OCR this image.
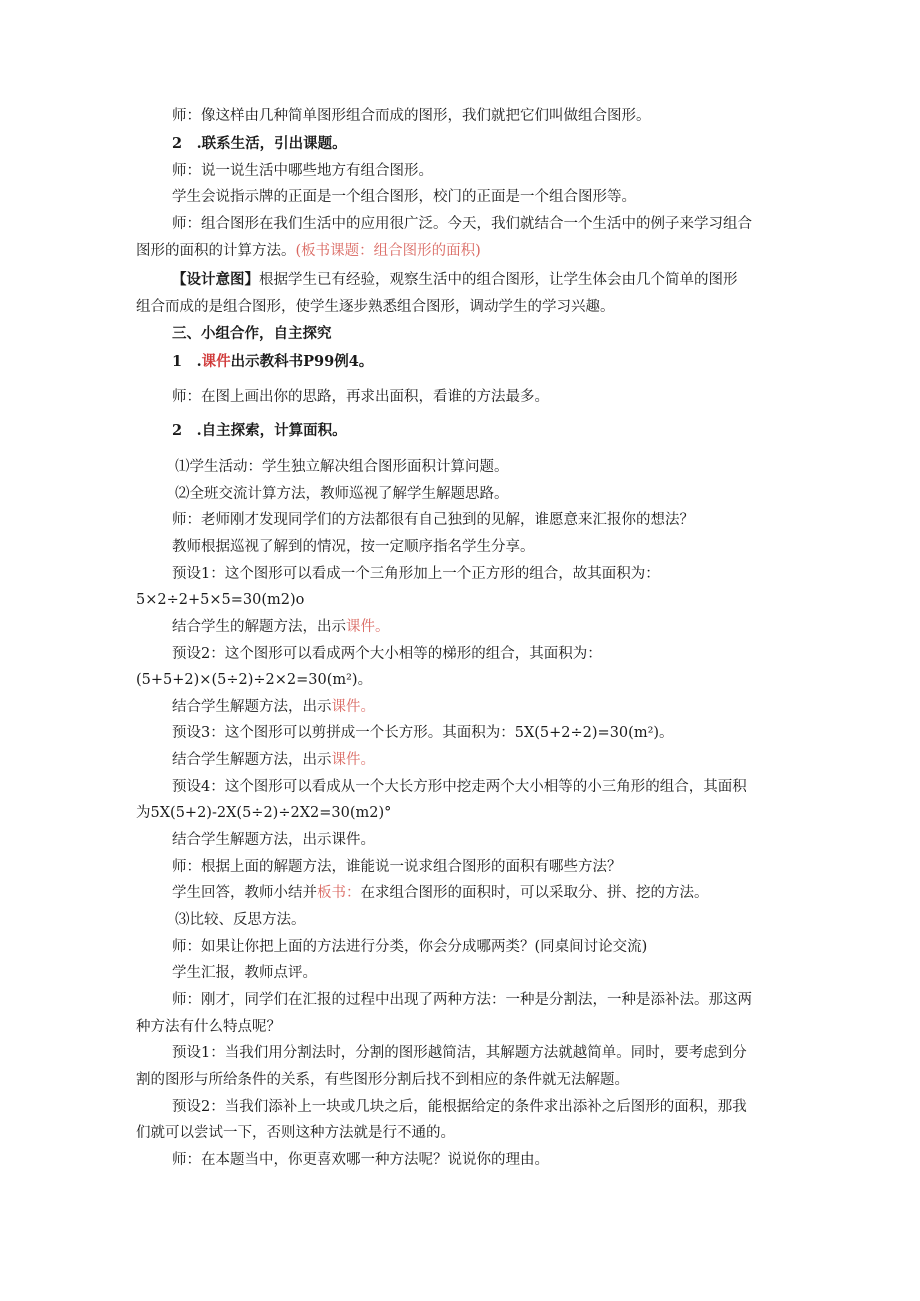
师：像这样由几种简单图形组合而成的图形，我们就把它们叫做组合图形。
2　.联系生活，引出课题。
师：说一说生活中哪些地方有组合图形。
学生会说指示牌的正面是一个组合图形，校门的正面是一个组合图形等。
师：组合图形在我们生活中的应用很广泛。今天，我们就结合一个生活中的例子来学习组合
图形的面积的计算方法。(板书课题：组合图形的面积)
【设计意图】根据学生已有经验，观察生活中的组合图形，让学生体会由几个简单的图形
组合而成的是组合图形，使学生逐步熟悉组合图形，调动学生的学习兴趣。
三、小组合作，自主探究
1　.课件出示教科书P99例4。
师：在图上画出你的思路，再求出面积，看谁的方法最多。
2　.自主探索，计算面积。
⑴学生活动：学生独立解决组合图形面积计算问题。
⑵全班交流计算方法，教师巡视了解学生解题思路。
师：老师刚才发现同学们的方法都很有自己独到的见解，谁愿意来汇报你的想法？
教师根据巡视了解到的情况，按一定顺序指名学生分享。
预设1：这个图形可以看成一个三角形加上一个正方形的组合，故其面积为：
5×2÷2+5×5=30(m2)o
结合学生的解题方法，出示课件。
预设2：这个图形可以看成两个大小相等的梯形的组合，其面积为：
(5+5+2)×(5÷2)÷2×2=30(m²)。
结合学生解题方法，出示课件。
预设3：这个图形可以剪拼成一个长方形。其面积为：5X(5+2÷2)=30(m²)。
结合学生解题方法，出示课件。
预设4：这个图形可以看成从一个大长方形中挖走两个大小相等的小三角形的组合，其面积
为5X(5+2)-2X(5÷2)÷2X2=30(m2)°
结合学生解题方法，出示课件。
师：根据上面的解题方法，谁能说一说求组合图形的面积有哪些方法？
学生回答，教师小结并板书：在求组合图形的面积时，可以采取分、拼、挖的方法。
⑶比较、反思方法。
师：如果让你把上面的方法进行分类，你会分成哪两类？(同桌间讨论交流)
学生汇报，教师点评。
师：刚才，同学们在汇报的过程中出现了两种方法：一种是分割法，一种是添补法。那这两
种方法有什么特点呢？
预设1：当我们用分割法时，分割的图形越简洁，其解题方法就越简单。同时，要考虑到分
割的图形与所给条件的关系，有些图形分割后找不到相应的条件就无法解题。
预设2：当我们添补上一块或几块之后，能根据给定的条件求出添补之后图形的面积，那我
们就可以尝试一下，否则这种方法就是行不通的。
师：在本题当中，你更喜欢哪一种方法呢？说说你的理由。
